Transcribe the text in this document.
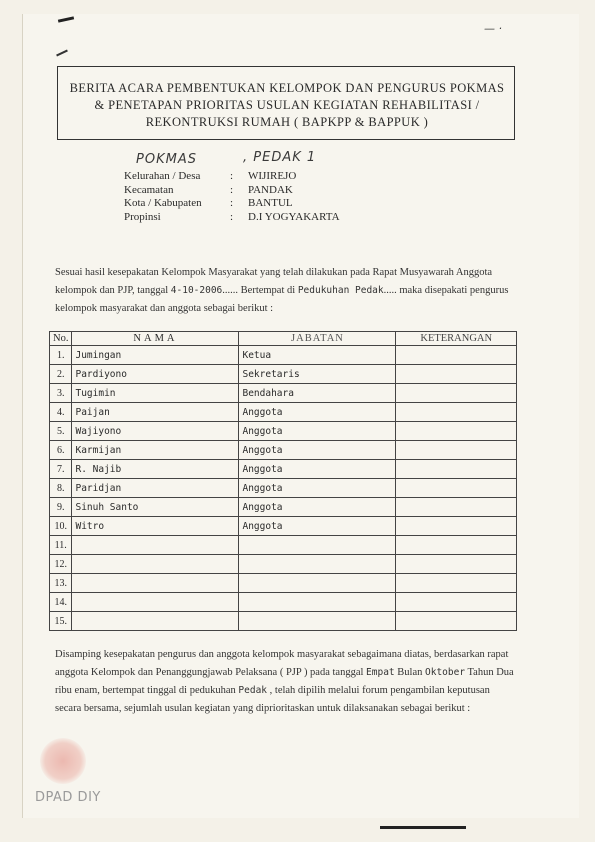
— ·
BERITA ACARA PEMBENTUKAN KELOMPOK DAN PENGURUS POKMAS
& PENETAPAN PRIORITAS USULAN KEGIATAN REHABILITASI /
REKONTRUKSI RUMAH ( BAPKPP & BAPPUK )
POKMAS	, PEDAK 1
Kelurahan / Desa	:	WIJIREJO
Kecamatan	:	PANDAK
Kota / Kabupaten	:	BANTUL
Propinsi	:	D.I YOGYAKARTA
Sesuai hasil kesepakatan Kelompok Masyarakat yang telah dilakukan pada Rapat Musyawarah Anggota kelompok dan PJP, tanggal 4-10-2006...... Bertempat di Pedukuhan Pedak..... maka disepakati pengurus kelompok masyarakat dan anggota sebagai berikut :
No.	NAMA	JABATAN	KETERANGAN
1.	Jumingan	Ketua	
2.	Pardiyono	Sekretaris	
3.	Tugimin	Bendahara	
4.	Paijan	Anggota	
5.	Wajiyono	Anggota	
6.	Karmijan	Anggota	
7.	R. Najib	Anggota	
8.	Paridjan	Anggota	
9.	Sinuh Santo	Anggota	
10.	Witro	Anggota	
11.			
12.			
13.			
14.			
15.			
Disamping kesepakatan pengurus dan anggota kelompok masyarakat sebagaimana diatas, berdasarkan rapat anggota Kelompok dan Penanggungjawab Pelaksana ( PJP ) pada tanggal Empat Bulan Oktober Tahun Dua ribu enam, bertempat tinggal di pedukuhan Pedak , telah dipilih melalui forum pengambilan keputusan secara bersama, sejumlah usulan kegiatan yang diprioritaskan untuk dilaksanakan sebagai berikut :
DPAD DIY
